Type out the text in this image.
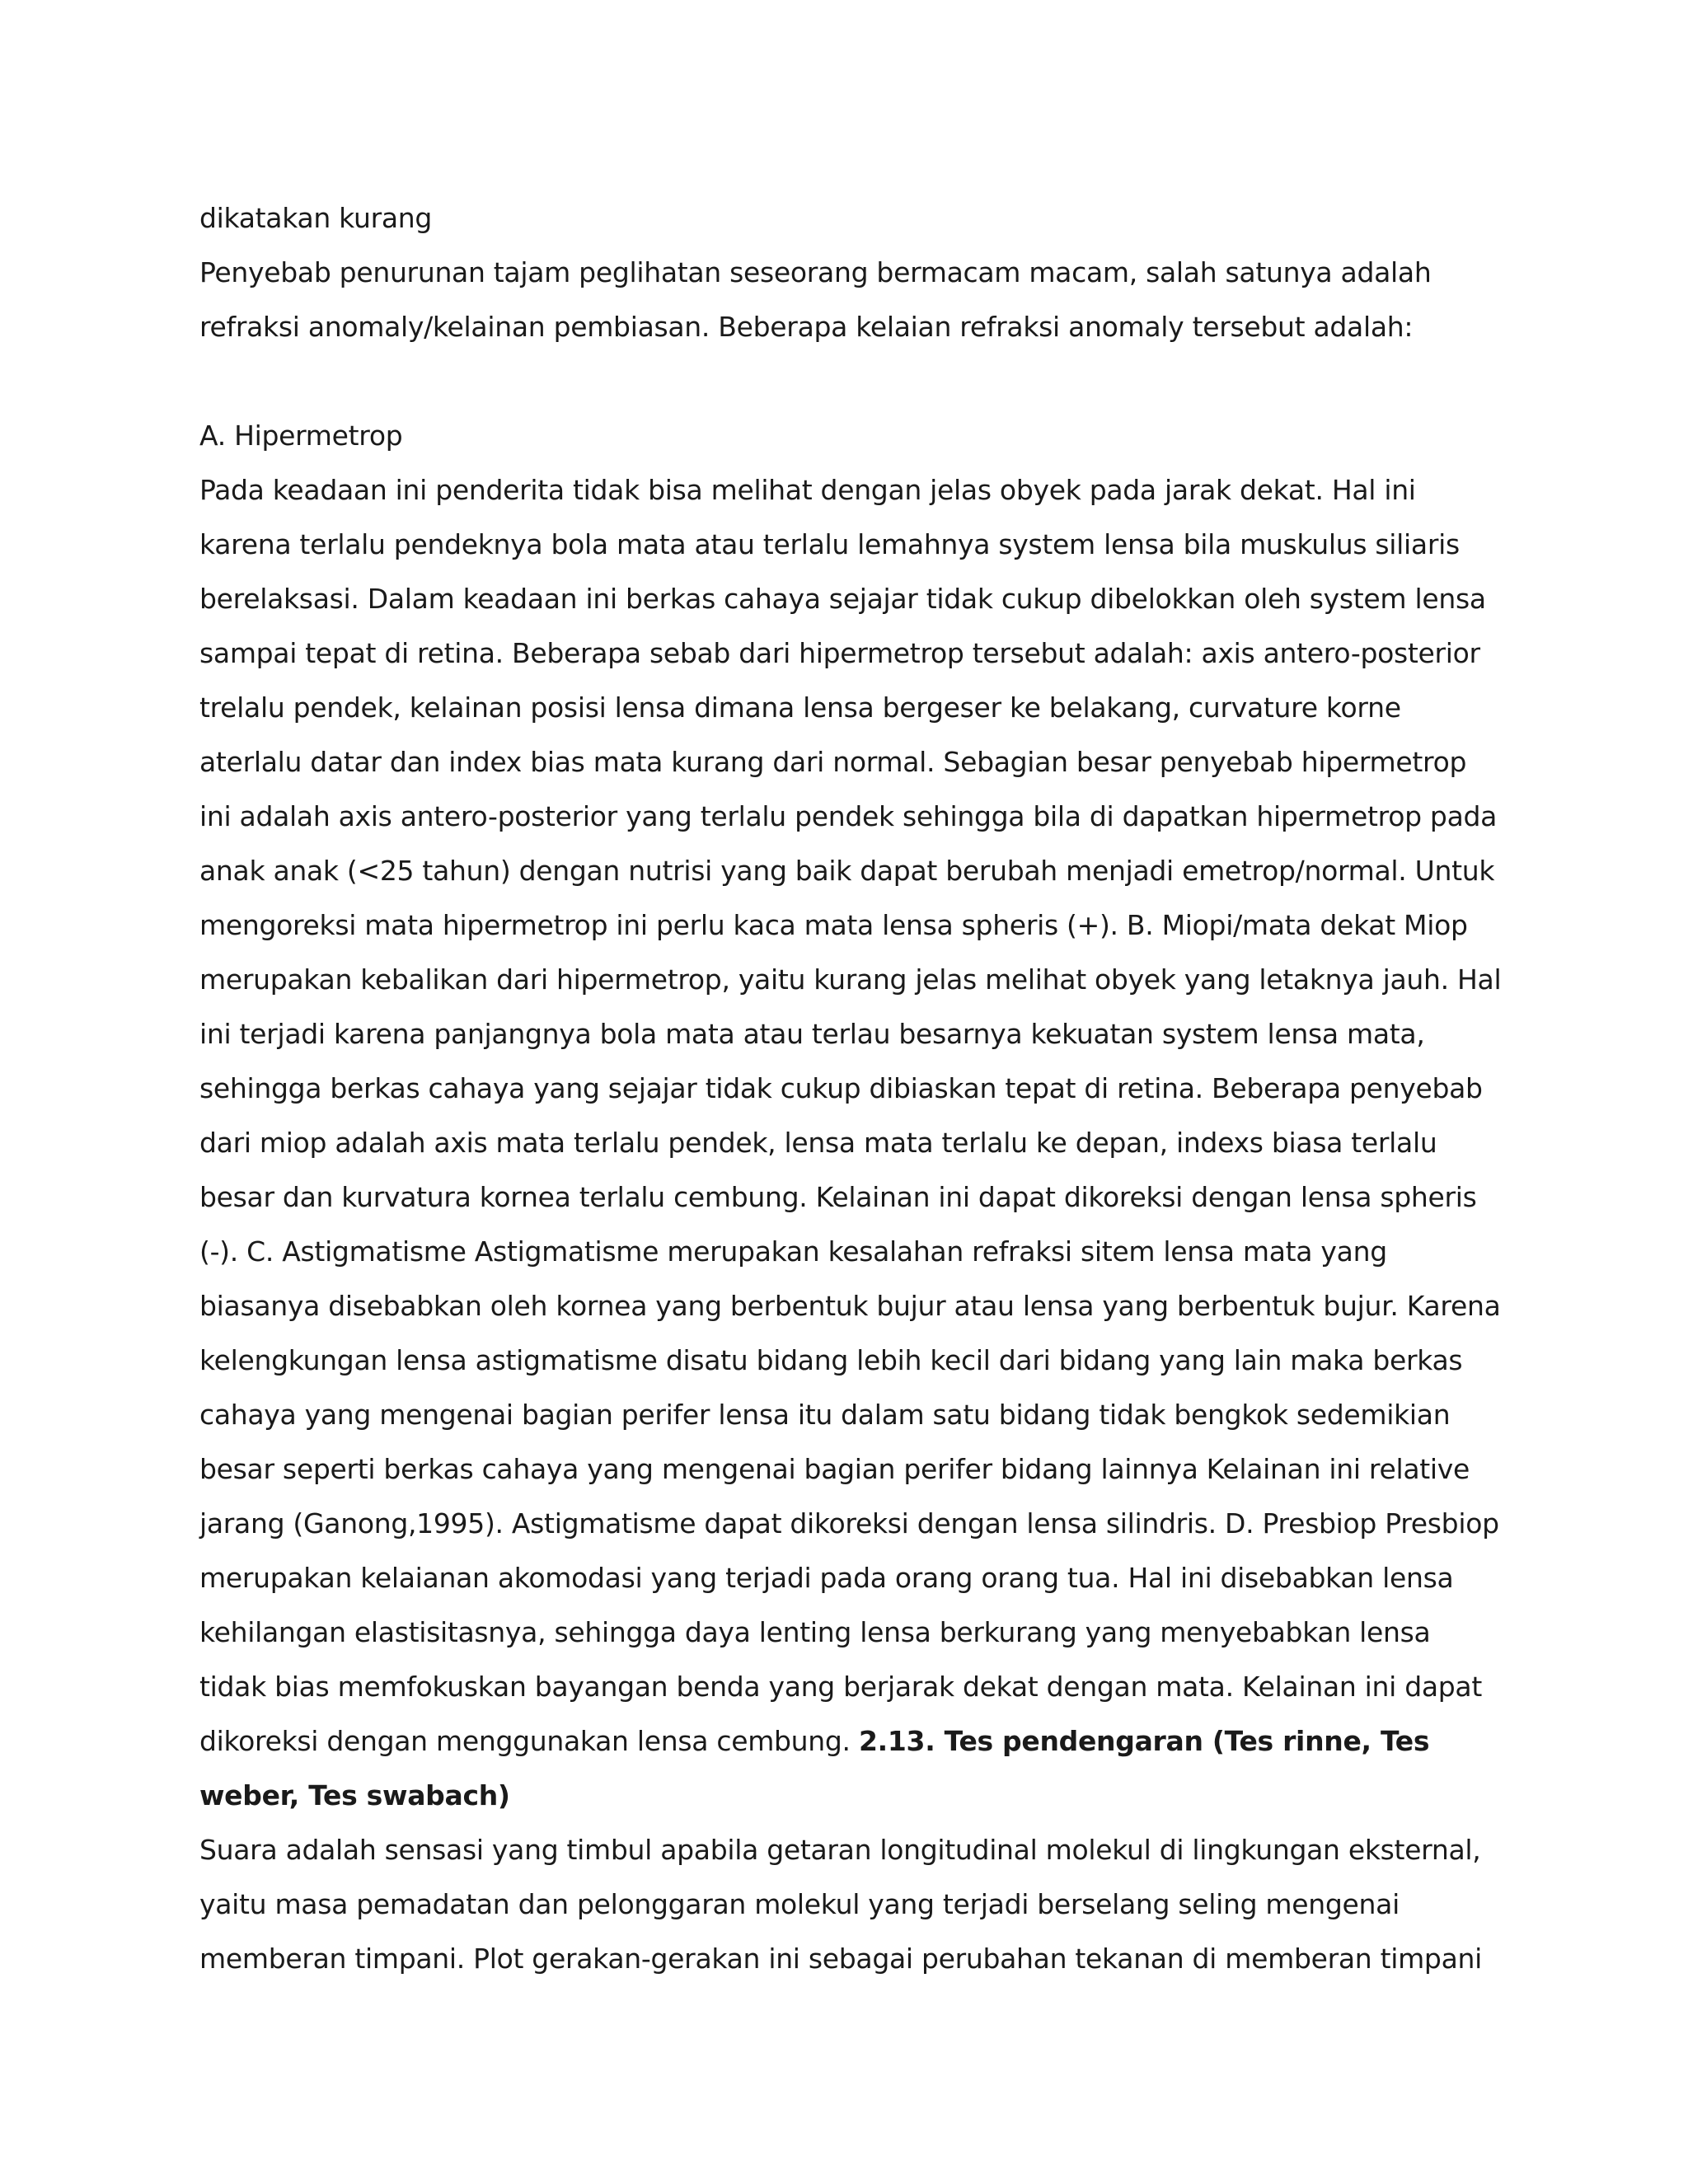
dikatakan kurang

Penyebab penurunan tajam peglihatan seseorang bermacam macam, salah satunya adalah refraksi anomaly/kelainan pembiasan. Beberapa kelaian refraksi anomaly tersebut adalah:

A. Hipermetrop

Pada keadaan ini penderita tidak bisa melihat dengan jelas obyek pada jarak dekat. Hal ini karena terlalu pendeknya bola mata atau terlalu lemahnya system lensa bila muskulus siliaris berelaksasi. Dalam keadaan ini berkas cahaya sejajar tidak cukup dibelokkan oleh system lensa sampai tepat di retina. Beberapa sebab dari hipermetrop tersebut adalah: axis antero-posterior trelalu pendek, kelainan posisi lensa dimana lensa bergeser ke belakang, curvature korne aterlalu datar dan index bias mata kurang dari normal. Sebagian besar penyebab hipermetrop ini adalah axis antero-posterior yang terlalu pendek sehingga bila di dapatkan hipermetrop pada anak anak (<25 tahun) dengan nutrisi yang baik dapat berubah menjadi emetrop/normal. Untuk mengoreksi mata hipermetrop ini perlu kaca mata lensa spheris (+). B. Miopi/mata dekat Miop merupakan kebalikan dari hipermetrop, yaitu kurang jelas melihat obyek yang letaknya jauh. Hal ini terjadi karena panjangnya bola mata atau terlau besarnya kekuatan system lensa mata, sehingga berkas cahaya yang sejajar tidak cukup dibiaskan tepat di retina. Beberapa penyebab dari miop adalah axis mata terlalu pendek, lensa mata terlalu ke depan, indexs biasa terlalu besar dan kurvatura kornea terlalu cembung. Kelainan ini dapat dikoreksi dengan lensa spheris (-). C. Astigmatisme Astigmatisme merupakan kesalahan refraksi sitem lensa mata yang biasanya disebabkan oleh kornea yang berbentuk bujur atau lensa yang berbentuk bujur. Karena kelengkungan lensa astigmatisme disatu bidang lebih kecil dari bidang yang lain maka berkas cahaya yang mengenai bagian perifer lensa itu dalam satu bidang tidak bengkok sedemikian besar seperti berkas cahaya yang mengenai bagian perifer bidang lainnya Kelainan ini relative jarang (Ganong,1995). Astigmatisme dapat dikoreksi dengan lensa silindris. D. Presbiop Presbiop merupakan kelaianan akomodasi yang terjadi pada orang orang tua. Hal ini disebabkan lensa kehilangan elastisitasnya, sehingga daya lenting lensa berkurang yang menyebabkan lensa tidak bias memfokuskan bayangan benda yang berjarak dekat dengan mata. Kelainan ini dapat dikoreksi dengan menggunakan lensa cembung. 2.13. Tes pendengaran (Tes rinne, Tes weber, Tes swabach)

Suara adalah sensasi yang timbul apabila getaran longitudinal molekul di lingkungan eksternal, yaitu masa pemadatan dan pelonggaran molekul yang terjadi berselang seling mengenai memberan timpani. Plot gerakan-gerakan ini sebagai perubahan tekanan di memberan timpani
